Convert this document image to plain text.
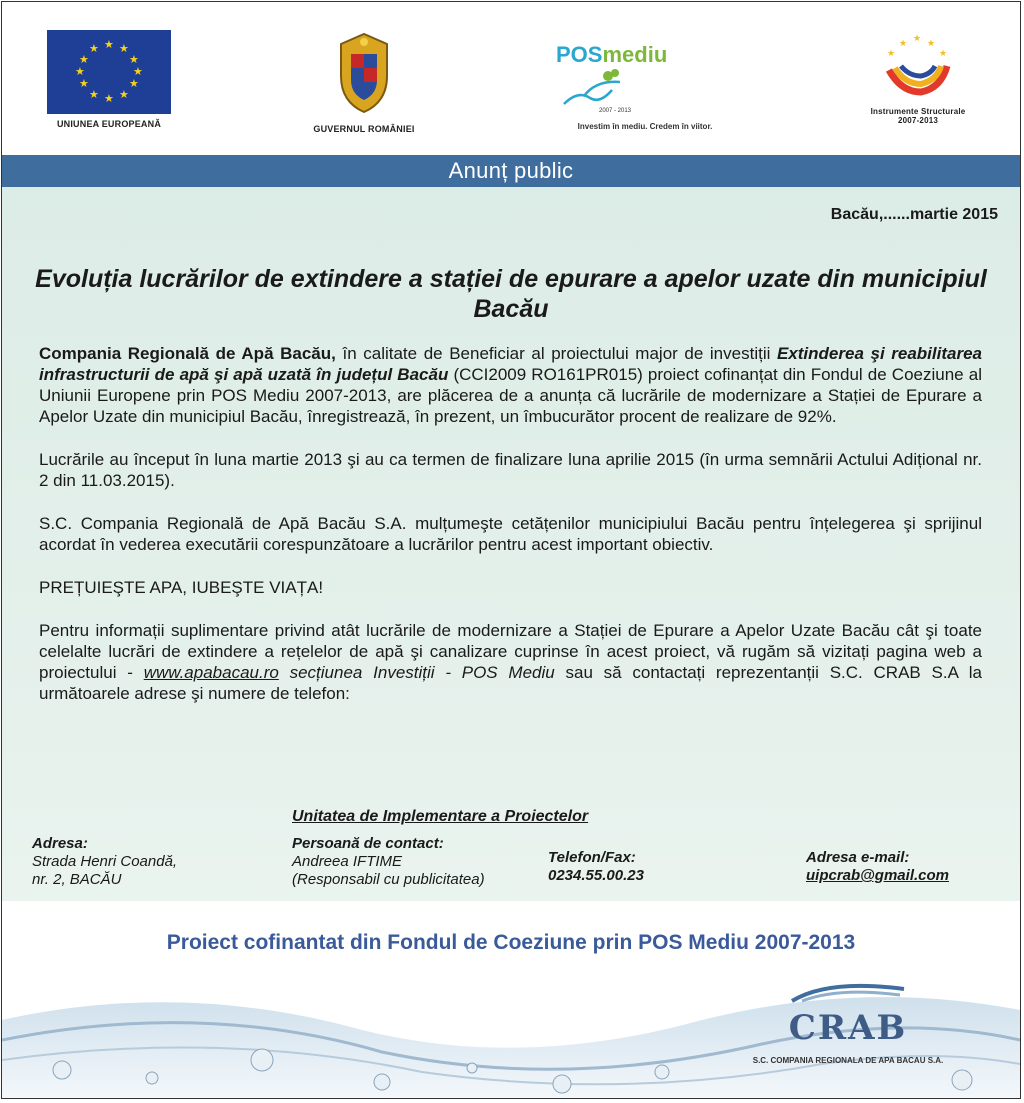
★ ★
★
★
★
★
★
★
★
★
★
★
UNIUNEA EUROPEANĂ	GUVERNUL ROMÂNIEI
POSmediu
2007 - 2013
Investim în mediu. Credem în viitor.
★ ★ ★
★
★
Instrumente Structurale
2007-2013
Anunț public
Bacău,......martie 2015
Evoluția lucrărilor de extindere a stației de epurare a apelor uzate din municipiul Bacău

Compania Regională de Apă Bacău, în calitate de Beneficiar al proiectului major de investiții Extinderea şi reabilitarea infrastructurii de apă şi apă uzată în județul Bacău (CCI2009 RO161PR015) proiect cofinanțat din Fondul de Coeziune al Uniunii Europene prin POS Mediu 2007-2013, are plăcerea de a anunța că lucrările de modernizare a Stației de Epurare a Apelor Uzate din municipiul Bacău, înregistrează, în prezent, un îmbucurător procent de realizare de 92%.

Lucrările au început în luna martie 2013 şi au ca termen de finalizare luna aprilie 2015 (în urma semnării Actului Adițional nr. 2 din 11.03.2015).

S.C. Compania Regională de Apă Bacău S.A. mulțumeşte cetățenilor municipiului Bacău pentru înțelegerea şi sprijinul acordat în vederea executării corespunzătoare a lucrărilor pentru acest important obiectiv.

PREȚUIEŞTE APA, IUBEŞTE VIAȚA!

Pentru informații suplimentare privind atât lucrările de modernizare a Stației de Epurare a Apelor Uzate Bacău cât şi toate celelalte lucrări de extindere a rețelelor de apă şi canalizare cuprinse în acest proiect, vă rugăm să vizitați pagina web a proiectului - www.apabacau.ro secțiunea Investiții - POS Mediu sau să contactați reprezentanții S.C. CRAB S.A la următoarele adrese şi numere de telefon:

Unitatea de Implementare a Proiectelor
Adresa:
Strada Henri Coandă,
nr. 2, BACĂU
Persoană de contact:
Andreea IFTIME
(Responsabil cu publicitatea)
Telefon/Fax:
0234.55.00.23
Adresa e-mail:
uipcrab@gmail.com
Proiect cofinantat din Fondul de Coeziune prin POS Mediu 2007-2013
CRAB
S.C. COMPANIA REGIONALA DE APA BACAU S.A.
